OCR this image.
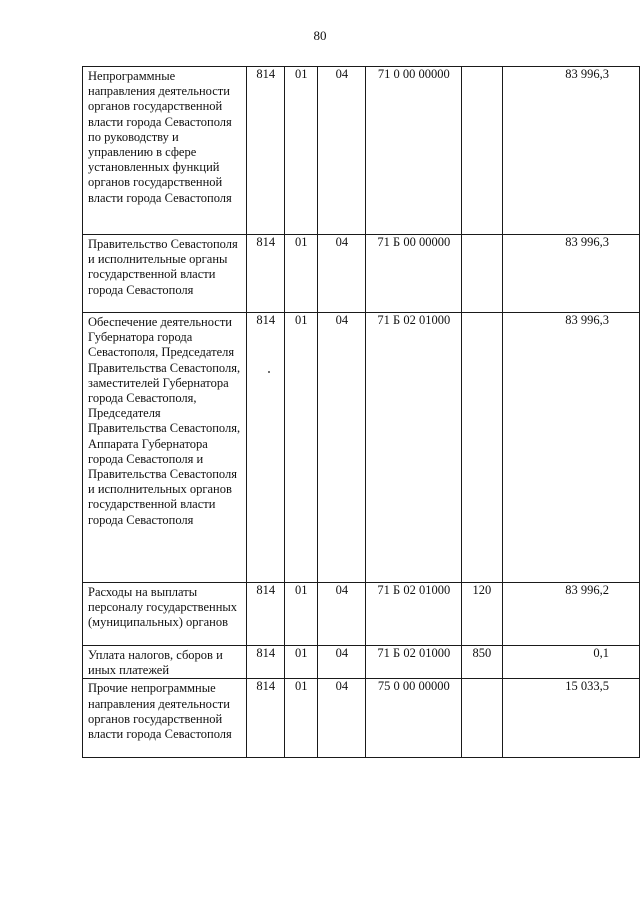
80
Непрограммные направления деятельности органов государственной власти города Севастополя по руководству и управлению в сфере установленных функций органов государственной власти города Севастополя	814	01	04	71 0 00 00000		83 996,3

Правительство Севастополя и исполнительные органы государственной власти города Севастополя	814	01	04	71 Б 00 00000		83 996,3

Обеспечение деятельности Губернатора города Севастополя, Председателя Правительства Севастополя, заместителей Губернатора города Севастополя, Председателя Правительства Севастополя, Аппарата Губернатора города Севастополя и Правительства Севастополя и исполнительных органов государственной власти города Севастополя	814	01	04	71 Б 02 01000		83 996,3

Расходы на выплаты персоналу государственных (муниципальных) органов	814	01	04	71 Б 02 01000	120	83 996,2

Уплата налогов, сборов и иных платежей	814	01	04	71 Б 02 01000	850	0,1

Прочие непрограммные направления деятельности органов государственной власти города Севастополя	814	01	04	75 0 00 00000		15 033,5
